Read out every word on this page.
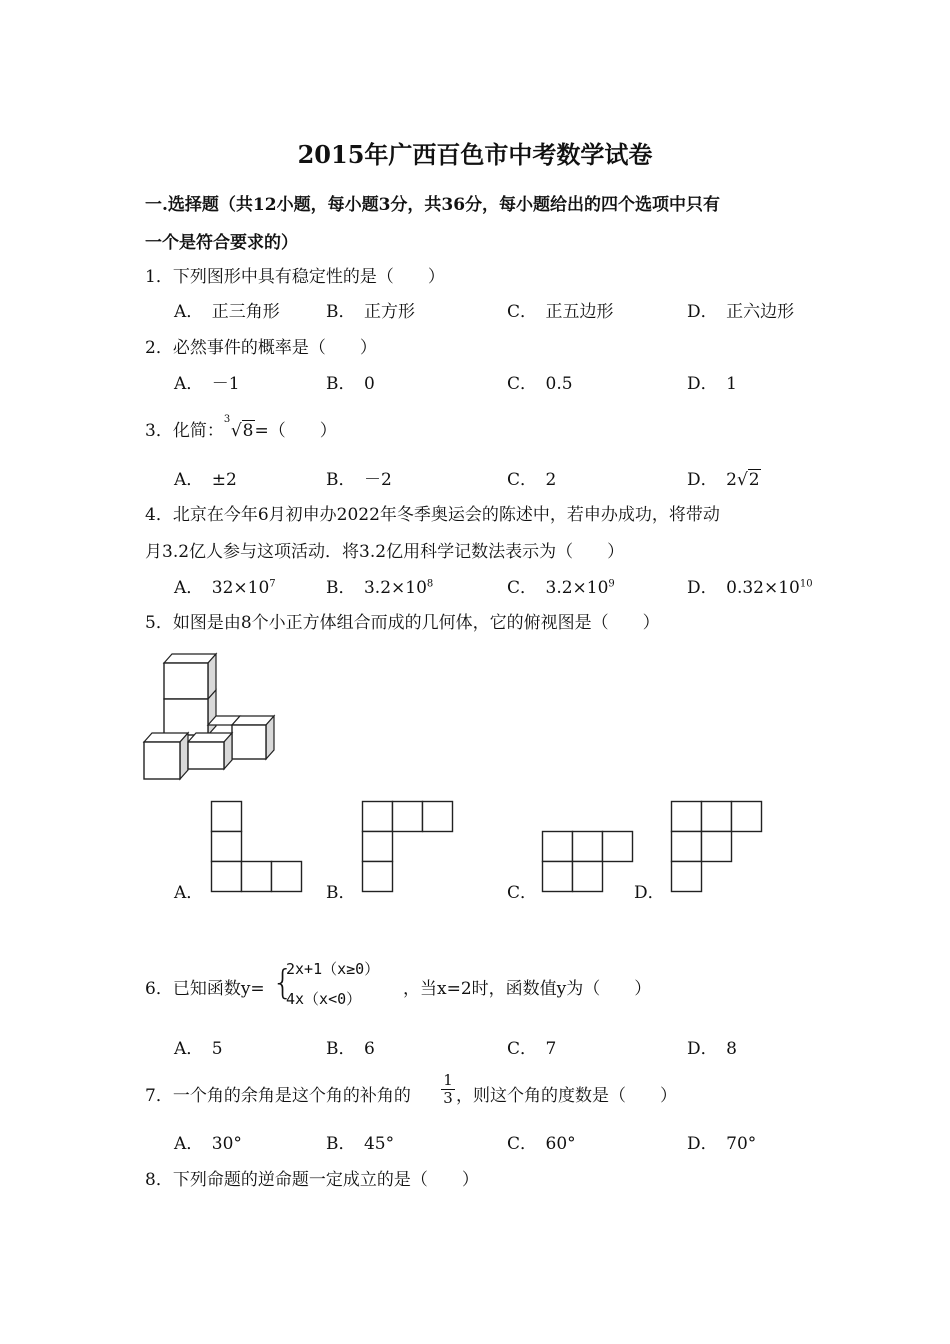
2015年广西百色市中考数学试卷
一.选择题（共12小题，每小题3分，共36分，每小题给出的四个选项中只有
一个是符合要求的）
1．下列图形中具有稳定性的是（　　）
A．　正三角形	B．　正方形	C．　正五边形	D．　正六边形
2．必然事件的概率是（　　）
A．　－1	B．　0	C．　0.5	D．　1
3．化简：
3
√8=（　　）
A．　±2	B．　－2	C．　2	D．　2√2
4．北京在今年6月初申办2022年冬季奥运会的陈述中，若申办成功，将带动
月3.2亿人参与这项活动．将3.2亿用科学记数法表示为（　　）
A．　$32\times 10^7$	B．　$3.2\times 10^8$	C．　$3.2\times 10^9$	D．　$0.32\times 10^{10}$
5．如图是由8个小正方体组合而成的几何体，它的俯视图是（　　）
A．	B．	C．	D．
6．已知函数y= {
2x+1（x≥0）
4x（x<0） ，当x=2时，函数值y为（　　）
A．　5	B．　6	C．　7	D．　8
7．一个角的余角是这个角的补角的 $\frac{1}{3}$ ，则这个角的度数是（　　）
A．　30°	B．　45°	C．　60°	D．　70°
8．下列命题的逆命题一定成立的是（　　）
